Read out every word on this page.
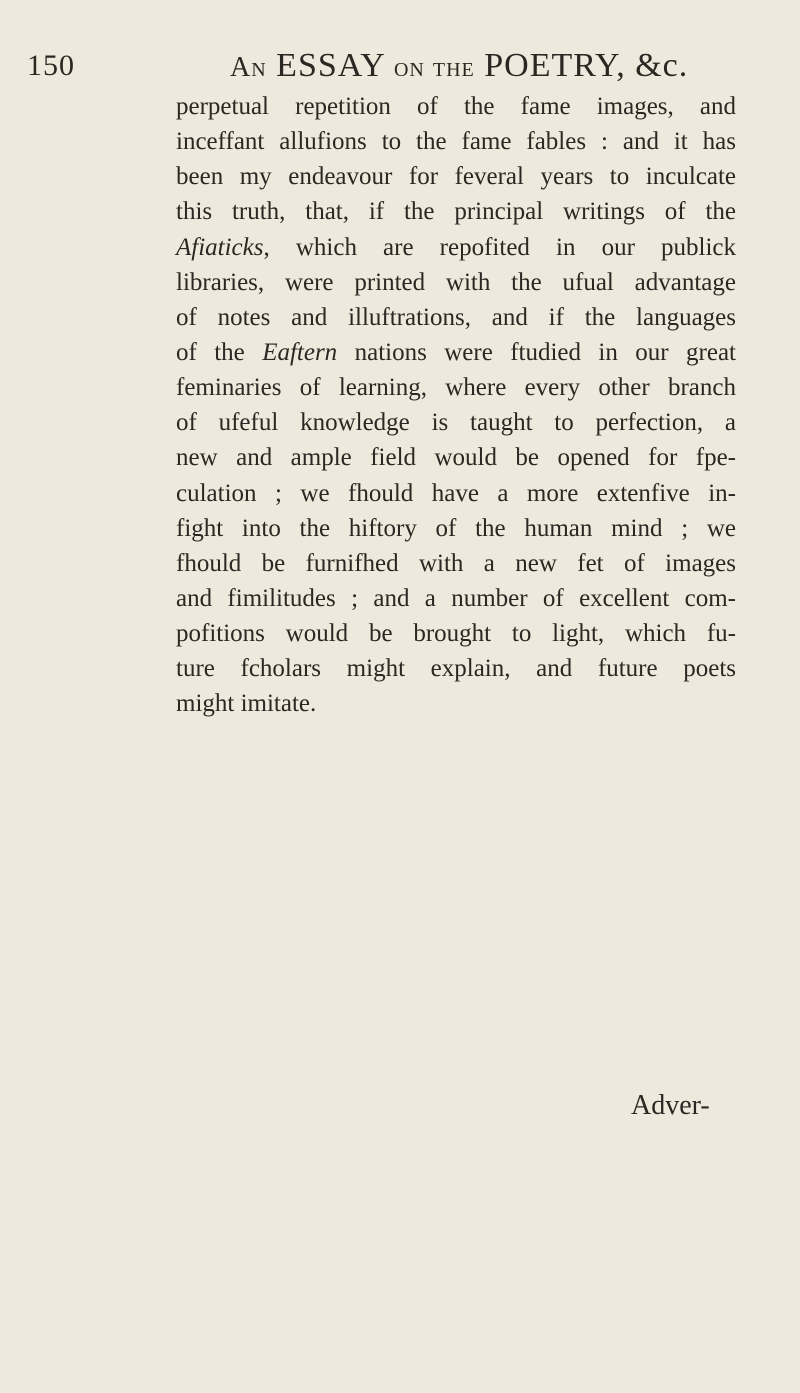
150	An ESSAY on the POETRY, &c.
perpetual repetition of the fame images, and
inceffant allufions to the fame fables : and it has
been my endeavour for feveral years to inculcate
this truth, that, if the principal writings of the
Afiaticks, which are repofited in our publick
libraries, were printed with the ufual advantage
of notes and illuftrations, and if the languages
of the Eaftern nations were ftudied in our great
feminaries of learning, where every other branch
of ufeful knowledge is taught to perfection, a
new and ample field would be opened for fpe-
culation ; we fhould have a more extenfive in-
fight into the hiftory of the human mind ; we
fhould be furnifhed with a new fet of images
and fimilitudes ; and a number of excellent com-
pofitions would be brought to light, which fu-
ture fcholars might explain, and future poets
might imitate.
Adver-
